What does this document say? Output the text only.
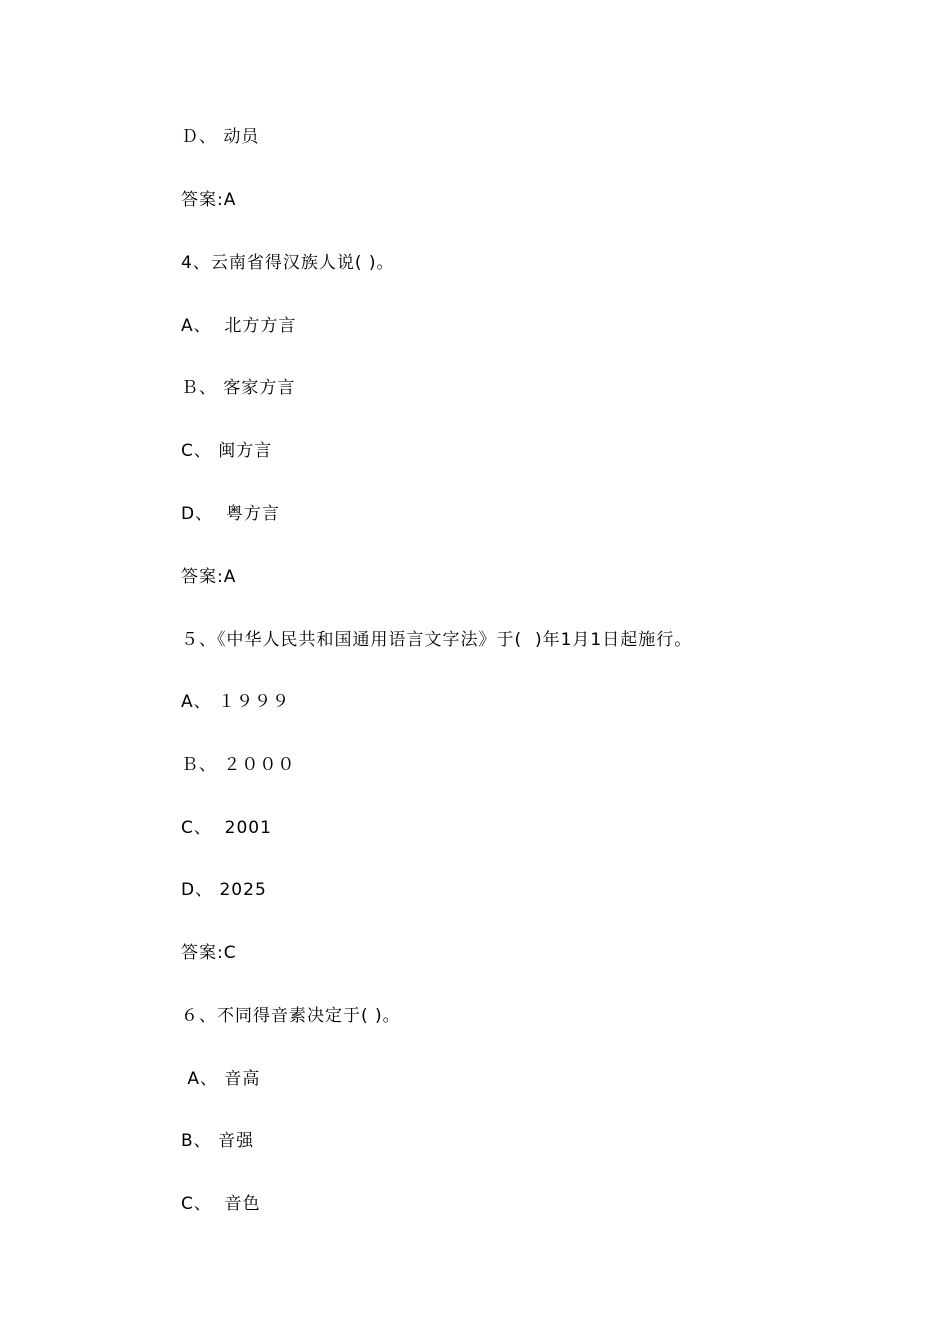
Ｄ、 动员
答案:A
4、云南省得汉族人说( )。
A、  北方方言
Ｂ、 客家方言
C、 闽方言
D、  粤方言
答案:A
５、《中华人民共和国通用语言文字法》于(  )年1月1日起施行。
A、 １９９９
Ｂ、 ２０００
C、  2001
D、 2025
答案:C
６、不同得音素决定于( )。
A、 音高
B、 音强
C、  音色
